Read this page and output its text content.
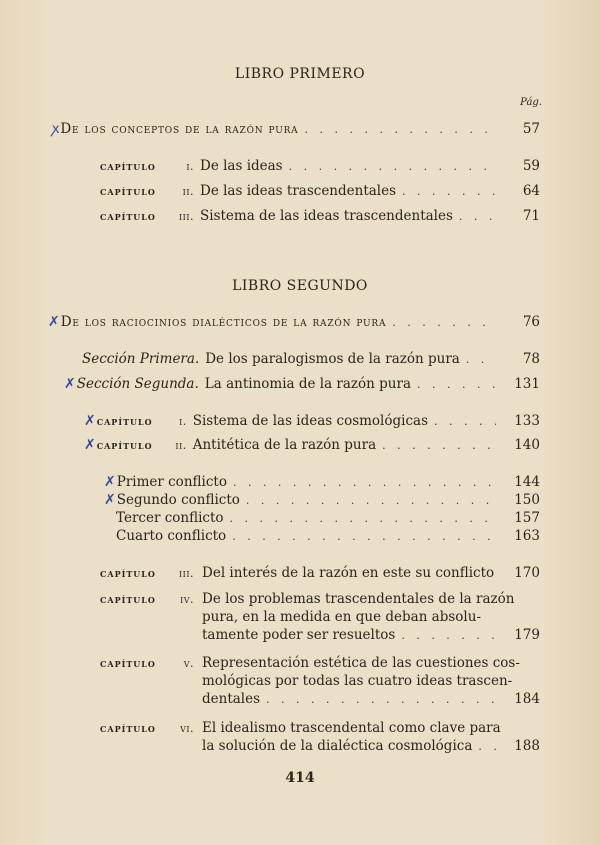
LIBRO PRIMERO
Pág.
ꭗ De los conceptos de la razón pura . . .	57
capítulo	i. De las ideas . . .	59
capítulo	ii. De las ideas trascendentales . . .	64
capítulo	iii. Sistema de las ideas trascendentales . . .	71
LIBRO SEGUNDO
✗ De los raciocinios dialécticos de la razón pura . . .	76
Sección Primera. De los paralogismos de la razón pura . . .	78
✗ Sección Segunda. La antinomia de la razón pura . . .	131
✗ capítulo	i. Sistema de las ideas cosmológicas . . .	133
✗ capítulo	ii. Antitética de la razón pura . . .	140
✗ Primer conflicto . . .	144
✗ Segundo conflicto . . .	150
Tercer conflicto . . .	157
Cuarto conflicto . . .	163
capítulo	iii. Del interés de la razón en este su conflicto	170
capítulo	iv. De los problemas trascendentales de la razón
pura, en la medida en que deban absolu-
tamente poder ser resueltos . . .	179
capítulo	v. Representación estética de las cuestiones cos-
mológicas por todas las cuatro ideas trascen-
dentales . . .	184
capítulo	vi. El idealismo trascendental como clave para
la solución de la dialéctica cosmológica . . .	188
414
